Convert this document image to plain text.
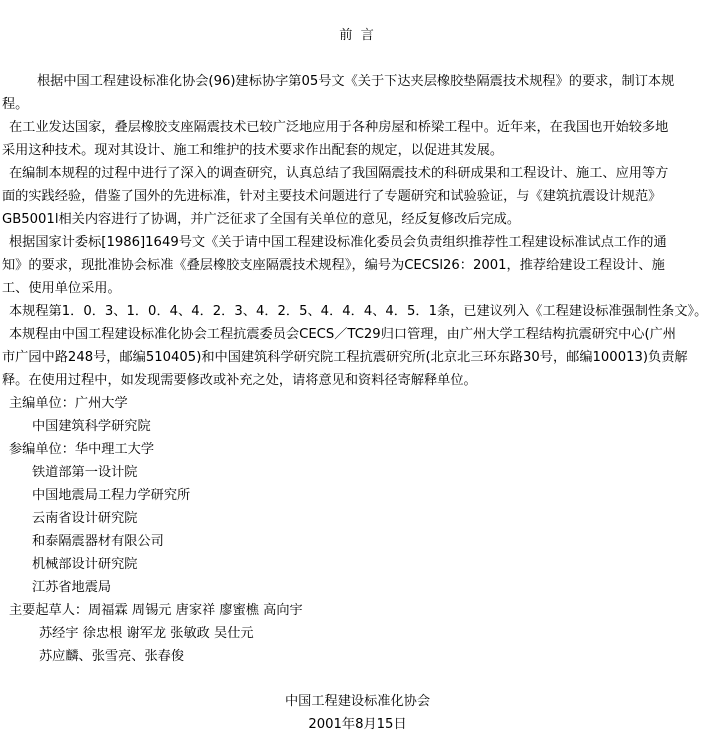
前 言
根据中国工程建设标准化协会(96)建标协字第05号文《关于下达夹层橡胶垫隔震技术规程》的要求，制订本规
程。
在工业发达国家，叠层橡胶支座隔震技术已较广泛地应用于各种房屋和桥梁工程中。近年来，在我国也开始较多地
采用这种技术。现对其设计、施工和维护的技术要求作出配套的规定，以促进其发展。
在编制本规程的过程中进行了深入的调查研究，认真总结了我国隔震技术的科研成果和工程设计、施工、应用等方
面的实践经验，借鉴了国外的先进标准，针对主要技术问题进行了专题研究和试验验证，与《建筑抗震设计规范》
GB5001l相关内容进行了协调，并广泛征求了全国有关单位的意见，经反复修改后完成。
根据国家计委标[1986]1649号文《关于请中国工程建设标准化委员会负责组织推荐性工程建设标准试点工作的通
知》的要求，现批准协会标准《叠层橡胶支座隔震技术规程》，编号为CECSl26：2001，推荐给建设工程设计、施
工、使用单位采用。
本规程第1．0．3、1．0．4、4．2．3、4．2．5、4．4．4、4．5．1条，已建议列入《工程建设标准强制性条文》。
本规程由中国工程建设标准化协会工程抗震委员会CECS／TC29归口管理，由广州大学工程结构抗震研究中心(广州
市广园中路248号，邮编510405)和中国建筑科学研究院工程抗震研究所(北京北三环东路30号，邮编100013)负责解
释。在使用过程中，如发现需要修改或补充之处，请将意见和资料径寄解释单位。
主编单位：广州大学
中国建筑科学研究院
参编单位：华中理工大学
铁道部第一设计院
中国地震局工程力学研究所
云南省设计研究院
和泰隔震器材有限公司
机械部设计研究院
江苏省地震局
主要起草人：周福霖 周锡元 唐家祥 廖蜜樵 高向宇
苏经宇 徐忠根 谢军龙 张敏政 吴仕元
苏应麟、张雪亮、张春俊
中国工程建设标准化协会
2001年8月15日
